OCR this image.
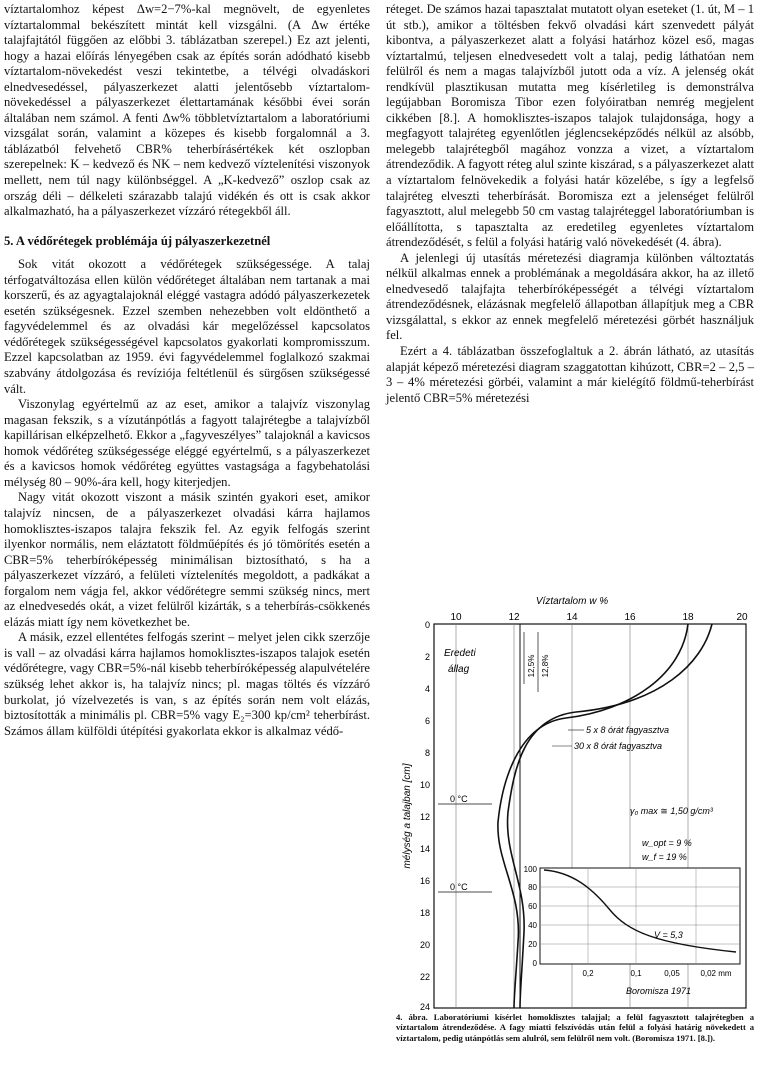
víztartalomhoz képest Δw=2−7%-kal megnövelt, de egyenletes víztartalommal bekészített mintát kell vizsgálni. (A Δw értéke talajfajtától függően az előbbi 3. táblázatban szerepel.) Ez azt jelenti, hogy a hazai előírás lényegében csak az építés során adódható kisebb víztartalom-növekedést veszi tekintetbe, a télvégi olvadáskori elnedvesedéssel, pályaszerkezet alatti jelentősebb víztartalom-növekedéssel a pályaszerkezet élettartamának későbbi évei során általában nem számol. A fenti Δw% többletvíztartalom a laboratóriumi vizsgálat során, valamint a közepes és kisebb forgalomnál a 3. táblázatból felvehető CBR% teherbírásértékek két oszlopban szerepelnek: K – kedvező és NK – nem kedvező víztelenítési viszonyok mellett, nem túl nagy különbséggel. A „K-kedvező” oszlop csak az ország déli – délkeleti szárazabb talajú vidékén és ott is csak akkor alkalmazható, ha a pályaszerkezet vízzáró rétegekből áll.

5. A védőrétegek problémája új pályaszerkezetnél

Sok vitát okozott a védőrétegek szükségessége. A talaj térfogatváltozása ellen külön védőréteget általában nem tartanak a mai korszerű, és az agyagtalajoknál eléggé vastagra adódó pályaszerkezetek esetén szükségesnek. Ezzel szemben nehezebben volt eldönthető a fagyvédelemmel és az olvadási kár megelőzéssel kapcsolatos védőrétegek szükségességével kapcsolatos gyakorlati kompromisszum. Ezzel kapcsolatban az 1959. évi fagyvédelemmel foglalkozó szakmai szabvány átdolgozása és revíziója feltétlenül és sürgősen szükségessé vált.

Viszonylag egyértelmű az az eset, amikor a talajvíz viszonylag magasan fekszik, s a vízutánpótlás a fagyott talajrétegbe a talajvízből kapillárisan elképzelhető. Ekkor a „fagyveszélyes” talajoknál a kavicsos homok védőréteg szükségessége eléggé egyértelmű, s a pályaszerkezet és a kavicsos homok védőréteg együttes vastagsága a fagybehatolási mélység 80 – 90%-ára kell, hogy kiterjedjen.

Nagy vitát okozott viszont a másik szintén gyakori eset, amikor talajvíz nincsen, de a pályaszerkezet olvadási kárra hajlamos homoklisztes-iszapos talajra fekszik fel. Az egyik felfogás szerint ilyenkor normális, nem eláztatott földműépítés és jó tömörítés esetén a CBR=5% teherbíróképesség minimálisan biztosítható, s ha a pályaszerkezet vízzáró, a felületi víztelenítés megoldott, a padkákat a forgalom nem vágja fel, akkor védőrétegre semmi szükség nincs, mert az elnedvesedés okát, a vizet felülről kizárták, s a teherbírás-csökkenés elázás miatt így nem következhet be.

A másik, ezzel ellentétes felfogás szerint – melyet jelen cikk szerzője is vall – az olvadási kárra hajlamos homoklisztes-iszapos talajok esetén védőrétegre, vagy CBR=5%-nál kisebb teherbíróképesség alapulvételére szükség lehet akkor is, ha talajvíz nincs; pl. magas töltés és vízzáró burkolat, jó vízelvezetés is van, s az építés során nem volt elázás, biztosították a minimális pl. CBR=5% vagy E₂=300 kp/cm² teherbírást. Számos állam külföldi útépítési gyakorlata ekkor is alkalmaz védő-

réteget. De számos hazai tapasztalat mutatott olyan eseteket (1. út, M – 1 út stb.), amikor a töltésben fekvő olvadási kárt szenvedett pályát kibontva, a pályaszerkezet alatt a folyási határhoz közel eső, magas víztartalmú, teljesen elnedvesedett volt a talaj, pedig láthatóan nem felülről és nem a magas talajvízből jutott oda a víz. A jelenség okát rendkívül plasztikusan mutatta meg kísérletileg is demonstrálva legújabban Boromisza Tibor ezen folyóiratban nemrég megjelent cikkében [8.]. A homoklisztes-iszapos talajok tulajdonsága, hogy a megfagyott talajréteg egyenlőtlen jéglencseképződés nélkül az alsóbb, melegebb talajrétegből magához vonzza a vizet, a víztartalom átrendeződik. A fagyott réteg alul szinte kiszárad, s a pályaszerkezet alatt a víztartalom felnövekedik a folyási határ közelébe, s így a legfelső talajréteg elveszti teherbírását. Boromisza ezt a jelenséget felülről fagyasztott, alul melegebb 50 cm vastag talajréteggel laboratóriumban is előállította, s tapasztalta az eredetileg egyenletes víztartalom átrendeződését, s felül a folyási határig való növekedését (4. ábra).

A jelenlegi új utasítás méretezési diagramja különben változtatás nélkül alkalmas ennek a problémának a megoldására akkor, ha az illető elnedvesedő talajfajta teherbíróképességét a télvégi víztartalom átrendeződésnek, elázásnak megfelelő állapotban állapítjuk meg a CBR vizsgálattal, s ekkor az ennek megfelelő méretezési görbét használjuk fel.

Ezért a 4. táblázatban összefoglaltuk a 2. ábrán látható, az utasítás alapját képező méretezési diagram szaggatottan kihúzott, CBR=2 – 2,5 – 3 – 4% méretezési görbéi, valamint a már kielégítő földmű-teherbírást jelentő CBR=5% méretezési

Víztartalom w %
10	12	14	16	18	20
0
2
4
6
8
10
12
14
16
18
20
22
24
mélység a talajban [cm]
Eredeti
állag	12,5% 12,8%
5 x 8 órát fagyasztva
30 x 8 órát fagyasztva
γ₀ max ≅ 1,50 g/cm³
w_opt = 9 %
w_f = 19 %
0 °C
0 °C
100
80
60
40
20
0
V = 5,3
0,2	0,1	0,05	0,02 mm
Boromisza 1971
4. ábra. Laboratóriumi kísérlet homoklisztes talajjal; a felül fagyasztott talajrétegben a víztartalom átrendeződése. A fagy miatti felszívódás után felül a folyási határig növekedett a víztartalom, pedig utánpótlás sem alulról, sem felülről nem volt. (Boromisza 1971. [8.]).
